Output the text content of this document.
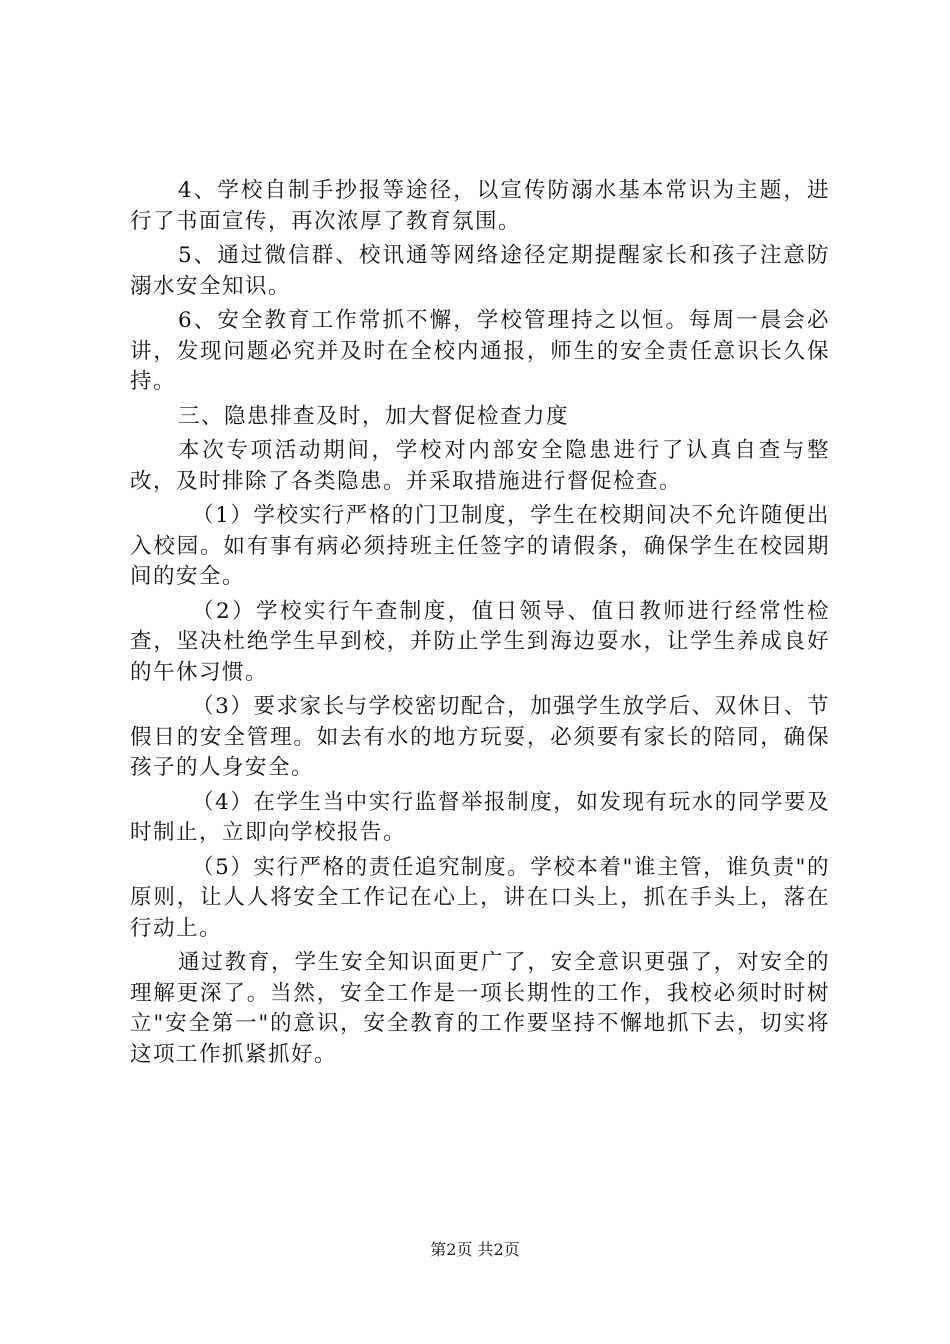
4、学校自制手抄报等途径，以宣传防溺水基本常识为主题，进行了书面宣传，再次浓厚了教育氛围。

5、通过微信群、校讯通等网络途径定期提醒家长和孩子注意防溺水安全知识。

6、安全教育工作常抓不懈，学校管理持之以恒。每周一晨会必讲，发现问题必究并及时在全校内通报，师生的安全责任意识长久保持。

三、隐患排查及时，加大督促检查力度

本次专项活动期间，学校对内部安全隐患进行了认真自查与整改，及时排除了各类隐患。并采取措施进行督促检查。

（1）学校实行严格的门卫制度，学生在校期间决不允许随便出入校园。如有事有病必须持班主任签字的请假条，确保学生在校园期间的安全。

（2）学校实行午查制度，值日领导、值日教师进行经常性检查，坚决杜绝学生早到校，并防止学生到海边耍水，让学生养成良好的午休习惯。

（3）要求家长与学校密切配合，加强学生放学后、双休日、节假日的安全管理。如去有水的地方玩耍，必须要有家长的陪同，确保孩子的人身安全。

（4）在学生当中实行监督举报制度，如发现有玩水的同学要及时制止，立即向学校报告。

（5）实行严格的责任追究制度。学校本着"谁主管，谁负责"的原则，让人人将安全工作记在心上，讲在口头上，抓在手头上，落在行动上。

通过教育，学生安全知识面更广了，安全意识更强了，对安全的理解更深了。当然，安全工作是一项长期性的工作，我校必须时时树立"安全第一"的意识，安全教育的工作要坚持不懈地抓下去，切实将这项工作抓紧抓好。

第2页 共2页
